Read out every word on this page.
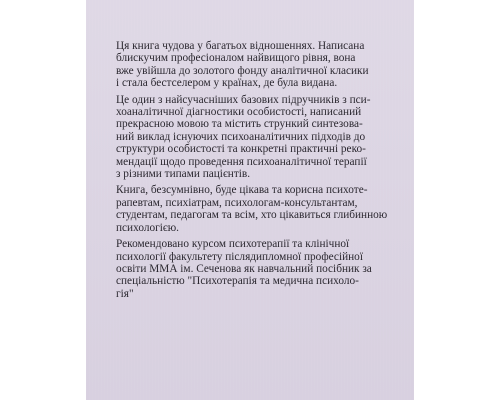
Ця книга чудова у багатьох відношеннях. Написана
блискучим професіоналом найвищого рівня, вона
вже увійшла до золотого фонду аналітичної класики
і стала бестселером у країнах, де була видана.

Це один з найсучасніших базових підручників з пси-
хоаналітичної діагностики особистості, написаний
прекрасною мовою та містить стрункий синтезова-
ний виклад існуючих психоаналітичних підходів до
структури особистості та конкретні практичні реко-
мендації щодо проведення психоаналітичної терапії
з різними типами пацієнтів.

Книга, безсумнівно, буде цікава та корисна психоте-
рапевтам, психіатрам, психологам-консультантам,
студентам, педагогам та всім, хто цікавиться глибинною
психологією.

Рекомендовано курсом психотерапії та клінічної
психології факультету післядипломної професійної
освіти ММА ім. Сеченова як навчальний посібник за
спеціальністю "Психотерапія та медична психоло-
гія"
